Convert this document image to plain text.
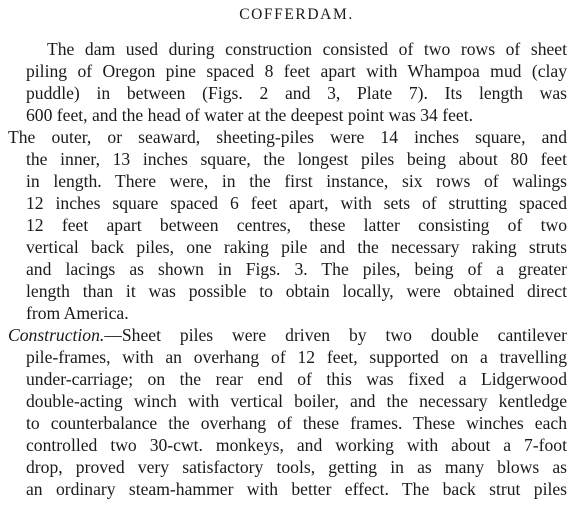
COFFERDAM.
The dam used during construction consisted of two rows of sheet
piling of Oregon pine spaced 8 feet apart with Whampoa mud (clay
puddle) in between (Figs. 2 and 3, Plate 7). Its length was
600 feet, and the head of water at the deepest point was 34 feet.
The outer, or seaward, sheeting-piles were 14 inches square, and
the inner, 13 inches square, the longest piles being about 80 feet
in length. There were, in the first instance, six rows of walings
12 inches square spaced 6 feet apart, with sets of strutting spaced
12 feet apart between centres, these latter consisting of two
vertical back piles, one raking pile and the necessary raking struts
and lacings as shown in Figs. 3. The piles, being of a greater
length than it was possible to obtain locally, were obtained direct
from America.
Construction.—Sheet piles were driven by two double cantilever
pile-frames, with an overhang of 12 feet, supported on a travelling
under-carriage; on the rear end of this was fixed a Lidgerwood
double-acting winch with vertical boiler, and the necessary kentledge
to counterbalance the overhang of these frames. These winches each
controlled two 30-cwt. monkeys, and working with about a 7-foot
drop, proved very satisfactory tools, getting in as many blows as
an ordinary steam-hammer with better effect. The back strut piles
